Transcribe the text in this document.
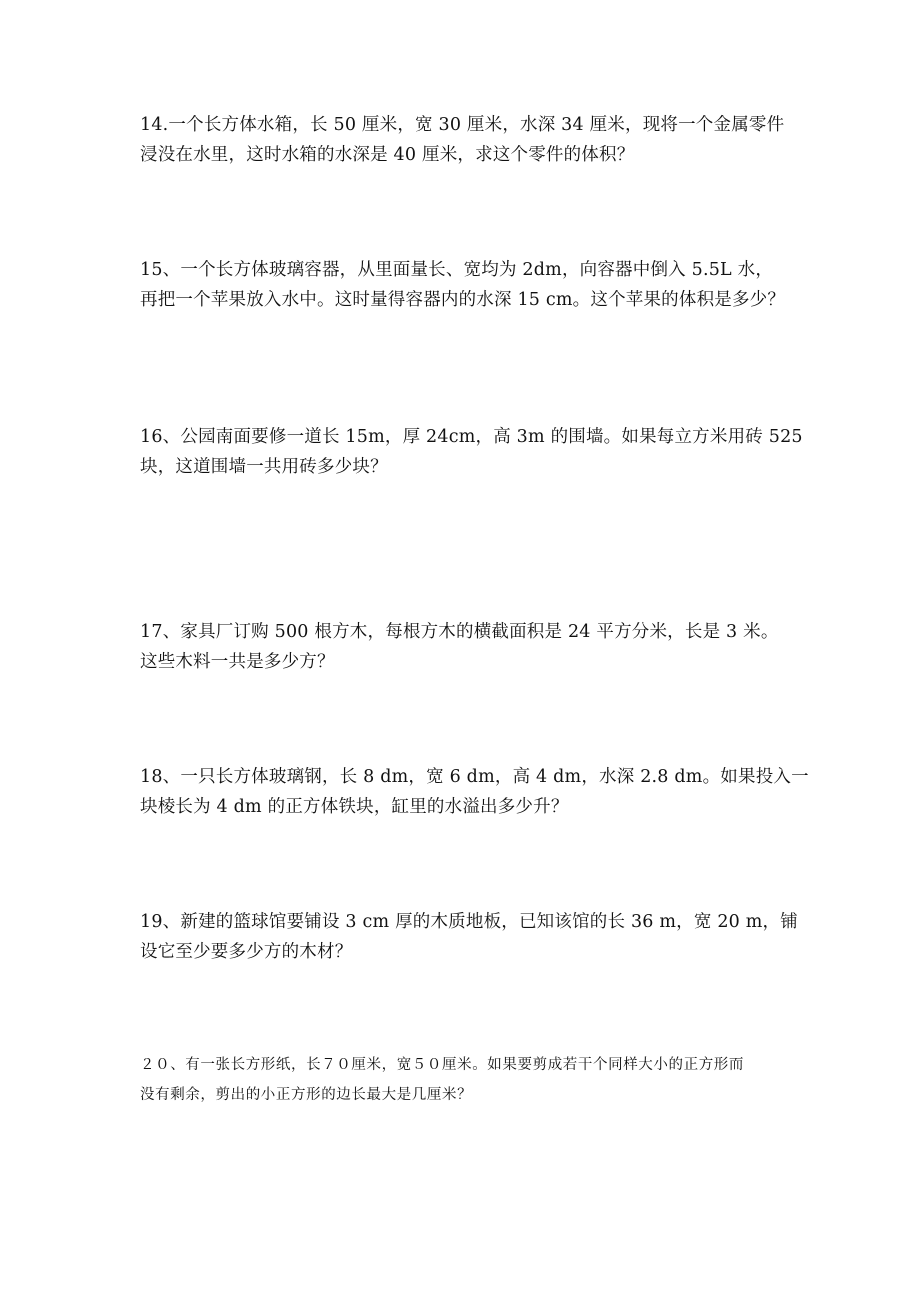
14.一个长方体水箱，长 50 厘米，宽 30 厘米，水深 34 厘米，现将一个金属零件
浸没在水里，这时水箱的水深是 40 厘米，求这个零件的体积？
15、一个长方体玻璃容器，从里面量长、宽均为 2dm，向容器中倒入 5.5L 水，
再把一个苹果放入水中。这时量得容器内的水深 15 cm。这个苹果的体积是多少？
16、公园南面要修一道长 15m，厚 24cm，高 3m 的围墙。如果每立方米用砖 525
块，这道围墙一共用砖多少块？
17、家具厂订购 500 根方木，每根方木的横截面积是 24 平方分米，长是 3 米。
这些木料一共是多少方？
18、一只长方体玻璃钢，长 8 dm，宽 6 dm，高 4 dm，水深 2.8 dm。如果投入一
块棱长为 4 dm 的正方体铁块，缸里的水溢出多少升？
19、新建的篮球馆要铺设 3 cm 厚的木质地板，已知该馆的长 36 m，宽 20 m，铺
设它至少要多少方的木材？
２０、有一张长方形纸，长７０厘米，宽５０厘米。如果要剪成若干个同样大小的正方形而
没有剩余，剪出的小正方形的边长最大是几厘米？
